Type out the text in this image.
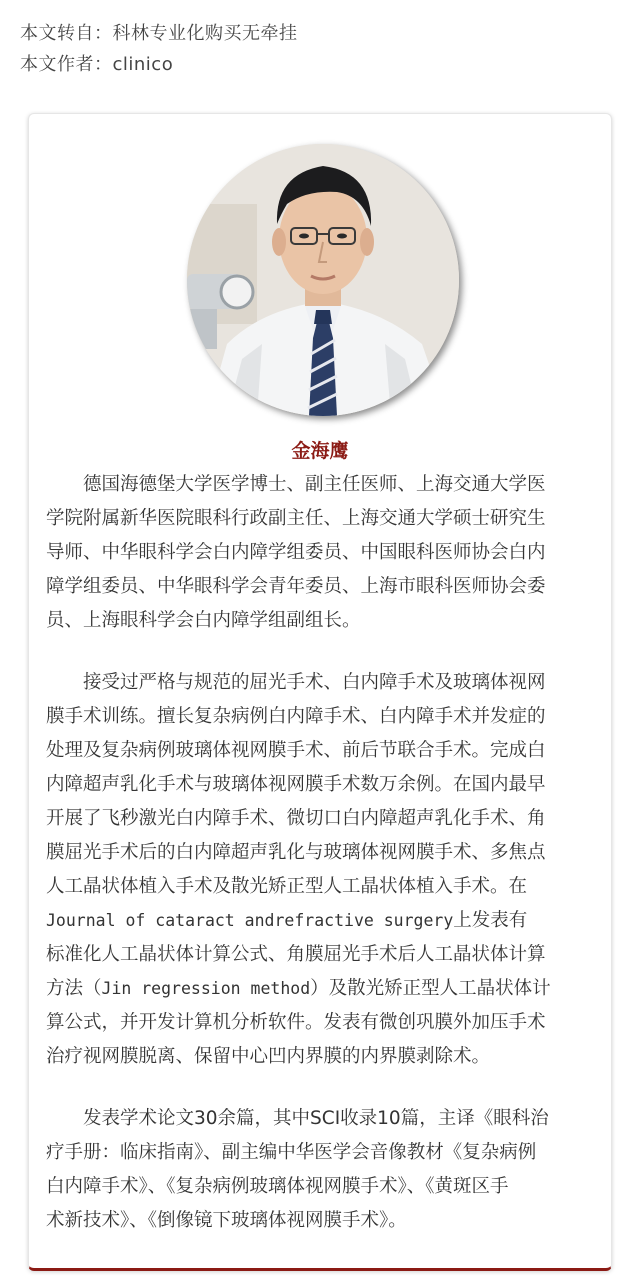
本文转自：科林专业化购买无牵挂
本文作者：clinico
金海鹰
德国海德堡大学医学博士、副主任医师、上海交通大学医
学院附属新华医院眼科行政副主任、上海交通大学硕士研究生
导师、中华眼科学会白内障学组委员、中国眼科医师协会白内
障学组委员、中华眼科学会青年委员、上海市眼科医师协会委
员、上海眼科学会白内障学组副组长。
接受过严格与规范的屈光手术、白内障手术及玻璃体视网
膜手术训练。擅长复杂病例白内障手术、白内障手术并发症的
处理及复杂病例玻璃体视网膜手术、前后节联合手术。完成白
内障超声乳化手术与玻璃体视网膜手术数万余例。在国内最早
开展了飞秒激光白内障手术、微切口白内障超声乳化手术、角
膜屈光手术后的白内障超声乳化与玻璃体视网膜手术、多焦点
人工晶状体植入手术及散光矫正型人工晶状体植入手术。在
Journal of cataract andrefractive surgery上发表有
标准化人工晶状体计算公式、角膜屈光手术后人工晶状体计算
方法（Jin regression method）及散光矫正型人工晶状体计
算公式，并开发计算机分析软件。发表有微创巩膜外加压手术
治疗视网膜脱离、保留中心凹内界膜的内界膜剥除术。
发表学术论文30余篇，其中SCI收录10篇，主译《眼科治
疗手册：临床指南》、副主编中华医学会音像教材《复杂病例
白内障手术》、《复杂病例玻璃体视网膜手术》、《黄斑区手
术新技术》、《倒像镜下玻璃体视网膜手术》。
